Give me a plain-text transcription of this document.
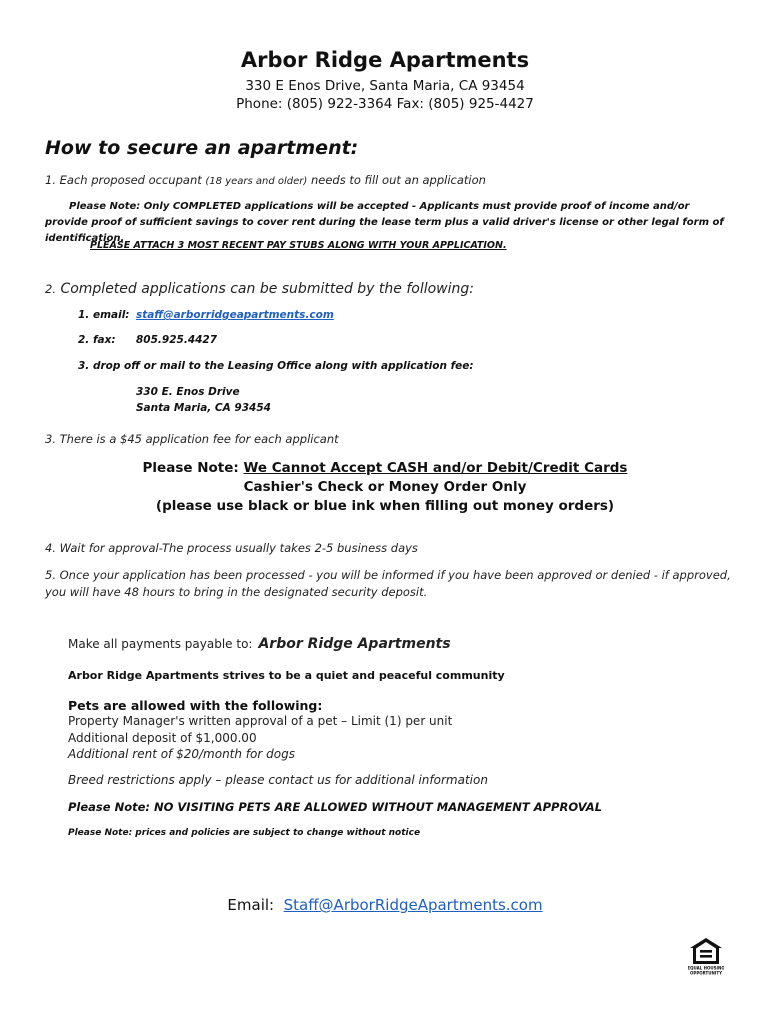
Arbor Ridge Apartments
330 E Enos Drive, Santa Maria, CA 93454
Phone: (805) 922-3364 Fax: (805) 925-4427
How to secure an apartment:
1. Each proposed occupant (18 years and older) needs to fill out an application
Please Note: Only COMPLETED applications will be accepted - Applicants must provide proof of income and/or provide proof of sufficient savings to cover rent during the lease term plus a valid driver's license or other legal form of identification.
PLEASE ATTACH 3 MOST RECENT PAY STUBS ALONG WITH YOUR APPLICATION.
2. Completed applications can be submitted by the following:
1. email: staff@arborridgeapartments.com
2. fax: 805.925.4427
3. drop off or mail to the Leasing Office along with application fee:
330 E. Enos Drive
Santa Maria, CA 93454
3. There is a $45 application fee for each applicant
Please Note: We Cannot Accept CASH and/or Debit/Credit Cards
Cashier's Check or Money Order Only
(please use black or blue ink when filling out money orders)
4. Wait for approval-The process usually takes 2-5 business days
5. Once your application has been processed - you will be informed if you have been approved or denied - if approved, you will have 48 hours to bring in the designated security deposit.
Make all payments payable to: Arbor Ridge Apartments
Arbor Ridge Apartments strives to be a quiet and peaceful community
Pets are allowed with the following:
Property Manager's written approval of a pet – Limit (1) per unit
Additional deposit of $1,000.00
Additional rent of $20/month for dogs
Breed restrictions apply – please contact us for additional information
Please Note: NO VISITING PETS ARE ALLOWED WITHOUT MANAGEMENT APPROVAL
Please Note: prices and policies are subject to change without notice
Email: Staff@ArborRidgeApartments.com
EQUAL HOUSING
OPPORTUNITY
